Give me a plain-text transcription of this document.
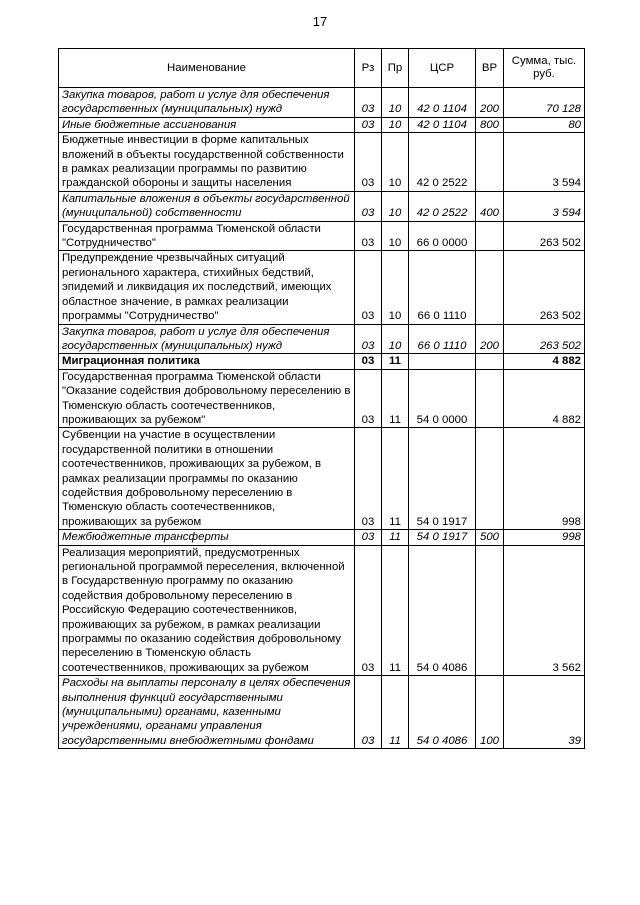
17
Наименование	Рз	Пр	ЦСР	ВР	Сумма, тыс. руб.
Закупка товаров, работ и услуг для обеспечения государственных (муниципальных) нужд	03	10	42 0 1104	200	70 128
Иные бюджетные ассигнования	03	10	42 0 1104	800	80
Бюджетные инвестиции в форме капитальных вложений в объекты государственной собственности в рамках реализации программы по развитию гражданской обороны и защиты населения	03	10	42 0 2522		3 594
Капитальные вложения в объекты государственной (муниципальной) собственности	03	10	42 0 2522	400	3 594
Государственная программа Тюменской области "Сотрудничество"	03	10	66 0 0000		263 502
Предупреждение чрезвычайных ситуаций регионального характера, стихийных бедствий, эпидемий и ликвидация их последствий, имеющих областное значение, в рамках реализации программы "Сотрудничество"	03	10	66 0 1110		263 502
Закупка товаров, работ и услуг для обеспечения государственных (муниципальных) нужд	03	10	66 0 1110	200	263 502
Миграционная политика	03	11			4 882
Государственная программа Тюменской области "Оказание содействия добровольному переселению в Тюменскую область соотечественников, проживающих за рубежом"	03	11	54 0 0000		4 882
Субвенции на участие в осуществлении государственной политики в отношении соотечественников, проживающих за рубежом, в рамках реализации программы по оказанию содействия добровольному переселению в Тюменскую область соотечественников, проживающих за рубежом	03	11	54 0 1917		998
Межбюджетные трансферты	03	11	54 0 1917	500	998
Реализация мероприятий, предусмотренных региональной программой переселения, включенной в Государственную программу по оказанию содействия добровольному переселению в Российскую Федерацию соотечественников, проживающих за рубежом, в рамках реализации программы по оказанию содействия добровольному переселению в Тюменскую область соотечественников, проживающих за рубежом	03	11	54 0 4086		3 562
Расходы на выплаты персоналу в целях обеспечения выполнения функций государственными (муниципальными) органами, казенными учреждениями, органами управления государственными внебюджетными фондами	03	11	54 0 4086	100	39
